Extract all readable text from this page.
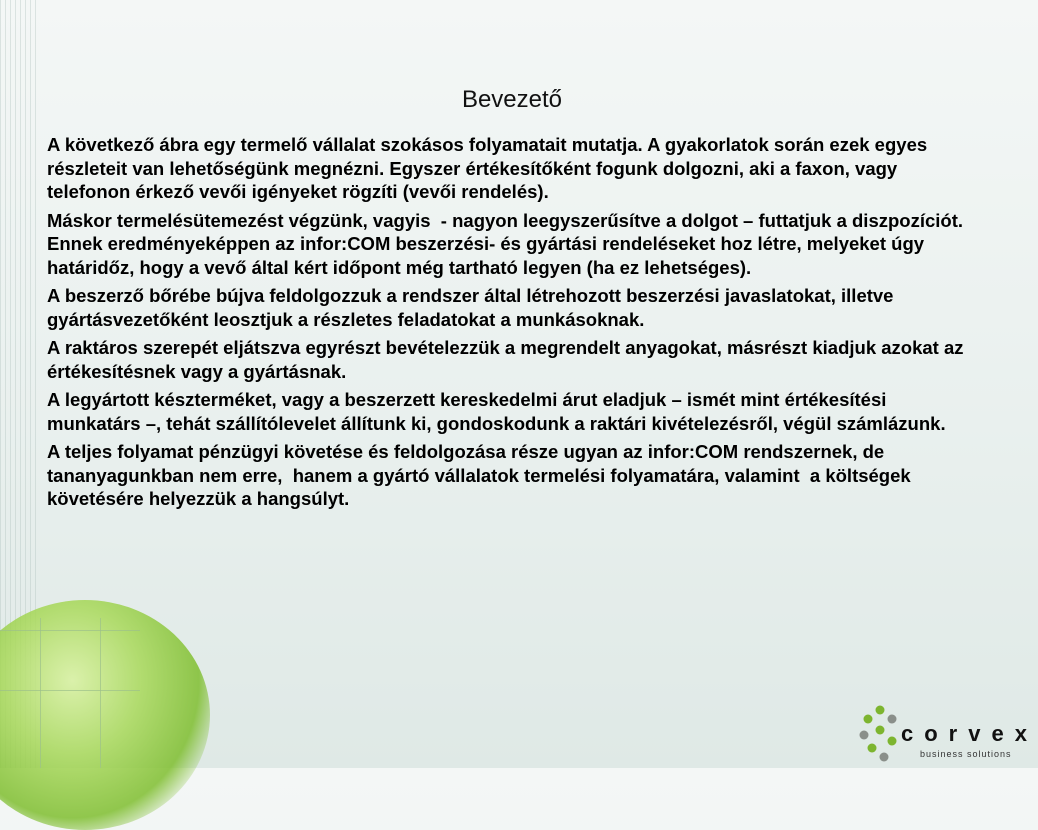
Bevezető

A következő ábra egy termelő vállalat szokásos folyamatait mutatja. A gyakorlatok során ezek egyes részleteit van lehetőségünk megnézni. Egyszer értékesítőként fogunk dolgozni, aki a faxon, vagy telefonon érkező vevői igényeket rögzíti (vevői rendelés).

Máskor termelésütemezést végzünk, vagyis  - nagyon leegyszerűsítve a dolgot – futtatjuk a diszpozíciót. Ennek eredményeképpen az infor:COM beszerzési- és gyártási rendeléseket hoz létre, melyeket úgy határidőz, hogy a vevő által kért időpont még tartható legyen (ha ez lehetséges).

A beszerző bőrébe bújva feldolgozzuk a rendszer által létrehozott beszerzési javaslatokat, illetve gyártásvezetőként leosztjuk a részletes feladatokat a munkásoknak.

A raktáros szerepét eljátszva egyrészt bevételezzük a megrendelt anyagokat, másrészt kiadjuk azokat az értékesítésnek vagy a gyártásnak.

A legyártott készterméket, vagy a beszerzett kereskedelmi árut eladjuk – ismét mint értékesítési munkatárs –, tehát szállítólevelet állítunk ki, gondoskodunk a raktári kivételezésről, végül számlázunk.

A teljes folyamat pénzügyi követése és feldolgozása része ugyan az infor:COM rendszernek, de tananyagunkban nem erre,  hanem a gyártó vállalatok termelési folyamatára, valamint  a költségek követésére helyezzük a hangsúlyt.

corvex
business solutions
